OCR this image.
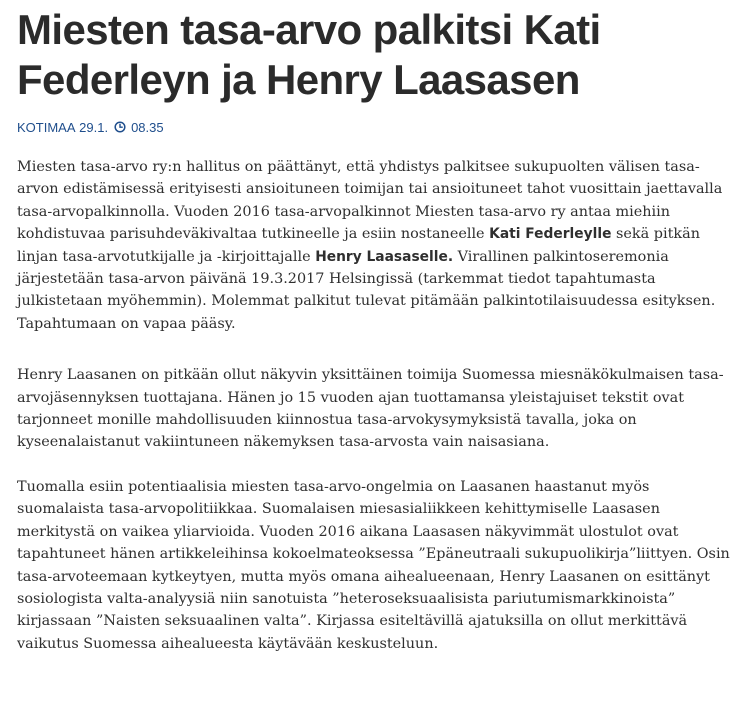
Miesten tasa-arvo palkitsi Kati Federleyn ja Henry Laasasen
KOTIMAA
29.1. 08.35

Miesten tasa-arvo ry:n hallitus on päättänyt, että yhdistys palkitsee sukupuolten välisen tasa-arvon edistämisessä erityisesti ansioituneen toimijan tai ansioituneet tahot vuosittain jaettavalla tasa-arvopalkinnolla. Vuoden 2016 tasa-arvopalkinnot Miesten tasa-arvo ry antaa miehiin kohdistuvaa parisuhdeväkivaltaa tutkineelle ja esiin nostaneelle Kati Federleylle sekä pitkän linjan tasa-arvotutkijalle ja -kirjoittajalle Henry Laasaselle. Virallinen palkintoseremonia järjestetään tasa-arvon päivänä 19.3.2017 Helsingissä (tarkemmat tiedot tapahtumasta julkistetaan myöhemmin). Molemmat palkitut tulevat pitämään palkintotilaisuudessa esityksen. Tapahtumaan on vapaa pääsy.

Henry Laasanen on pitkään ollut näkyvin yksittäinen toimija Suomessa miesnäkökulmaisen tasa-arvojäsennyksen tuottajana. Hänen jo 15 vuoden ajan tuottamansa yleistajuiset tekstit ovat tarjonneet monille mahdollisuuden kiinnostua tasa-arvokysymyksistä tavalla, joka on kyseenalaistanut vakiintuneen näkemyksen tasa-arvosta vain naisasiana.

Tuomalla esiin potentiaalisia miesten tasa-arvo-ongelmia on Laasanen haastanut myös suomalaista tasa-arvopolitiikkaa. Suomalaisen miesasialiikkeen kehittymiselle Laasasen merkitystä on vaikea yliarvioida. Vuoden 2016 aikana Laasasen näkyvimmät ulostulot ovat tapahtuneet hänen artikkeleihinsa kokoelmateoksessa ”Epäneutraali sukupuolikirja”liittyen. Osin tasa-arvoteemaan kytkeytyen, mutta myös omana aihealueenaan, Henry Laasanen on esittänyt sosiologista valta-analyysiä niin sanotuista ”heteroseksuaalisista pariutumismarkkinoista” kirjassaan ”Naisten seksuaalinen valta”. Kirjassa esiteltävillä ajatuksilla on ollut merkittävä vaikutus Suomessa aihealueesta käytävään keskusteluun.
